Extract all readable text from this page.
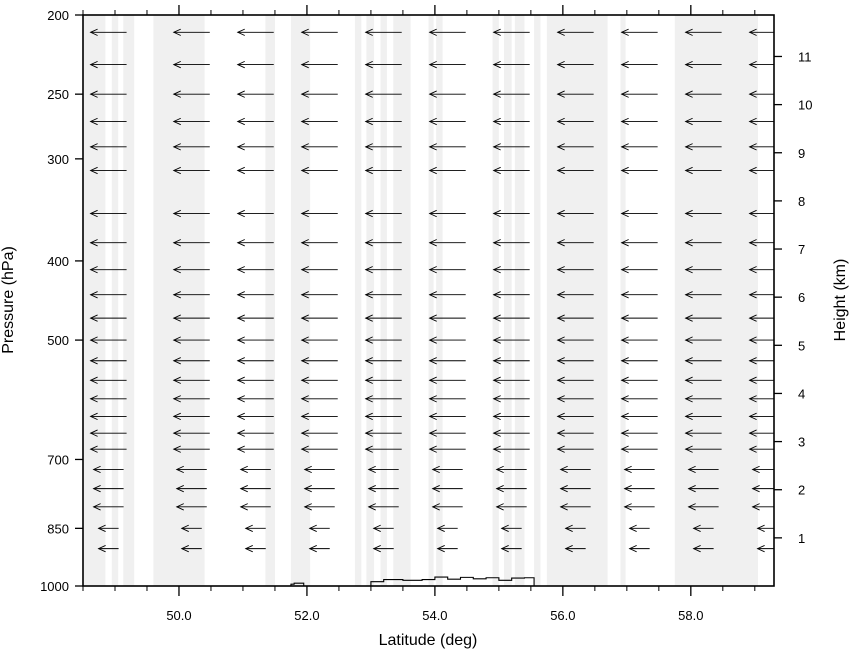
50.0	52.0	54.0	56.0	58.0
200
250
300
400
500
700
850
1000
1
2
3
4
5
6
7
8
9
10
11
Latitude (deg)
Pressure (hPa)	Height (km)
